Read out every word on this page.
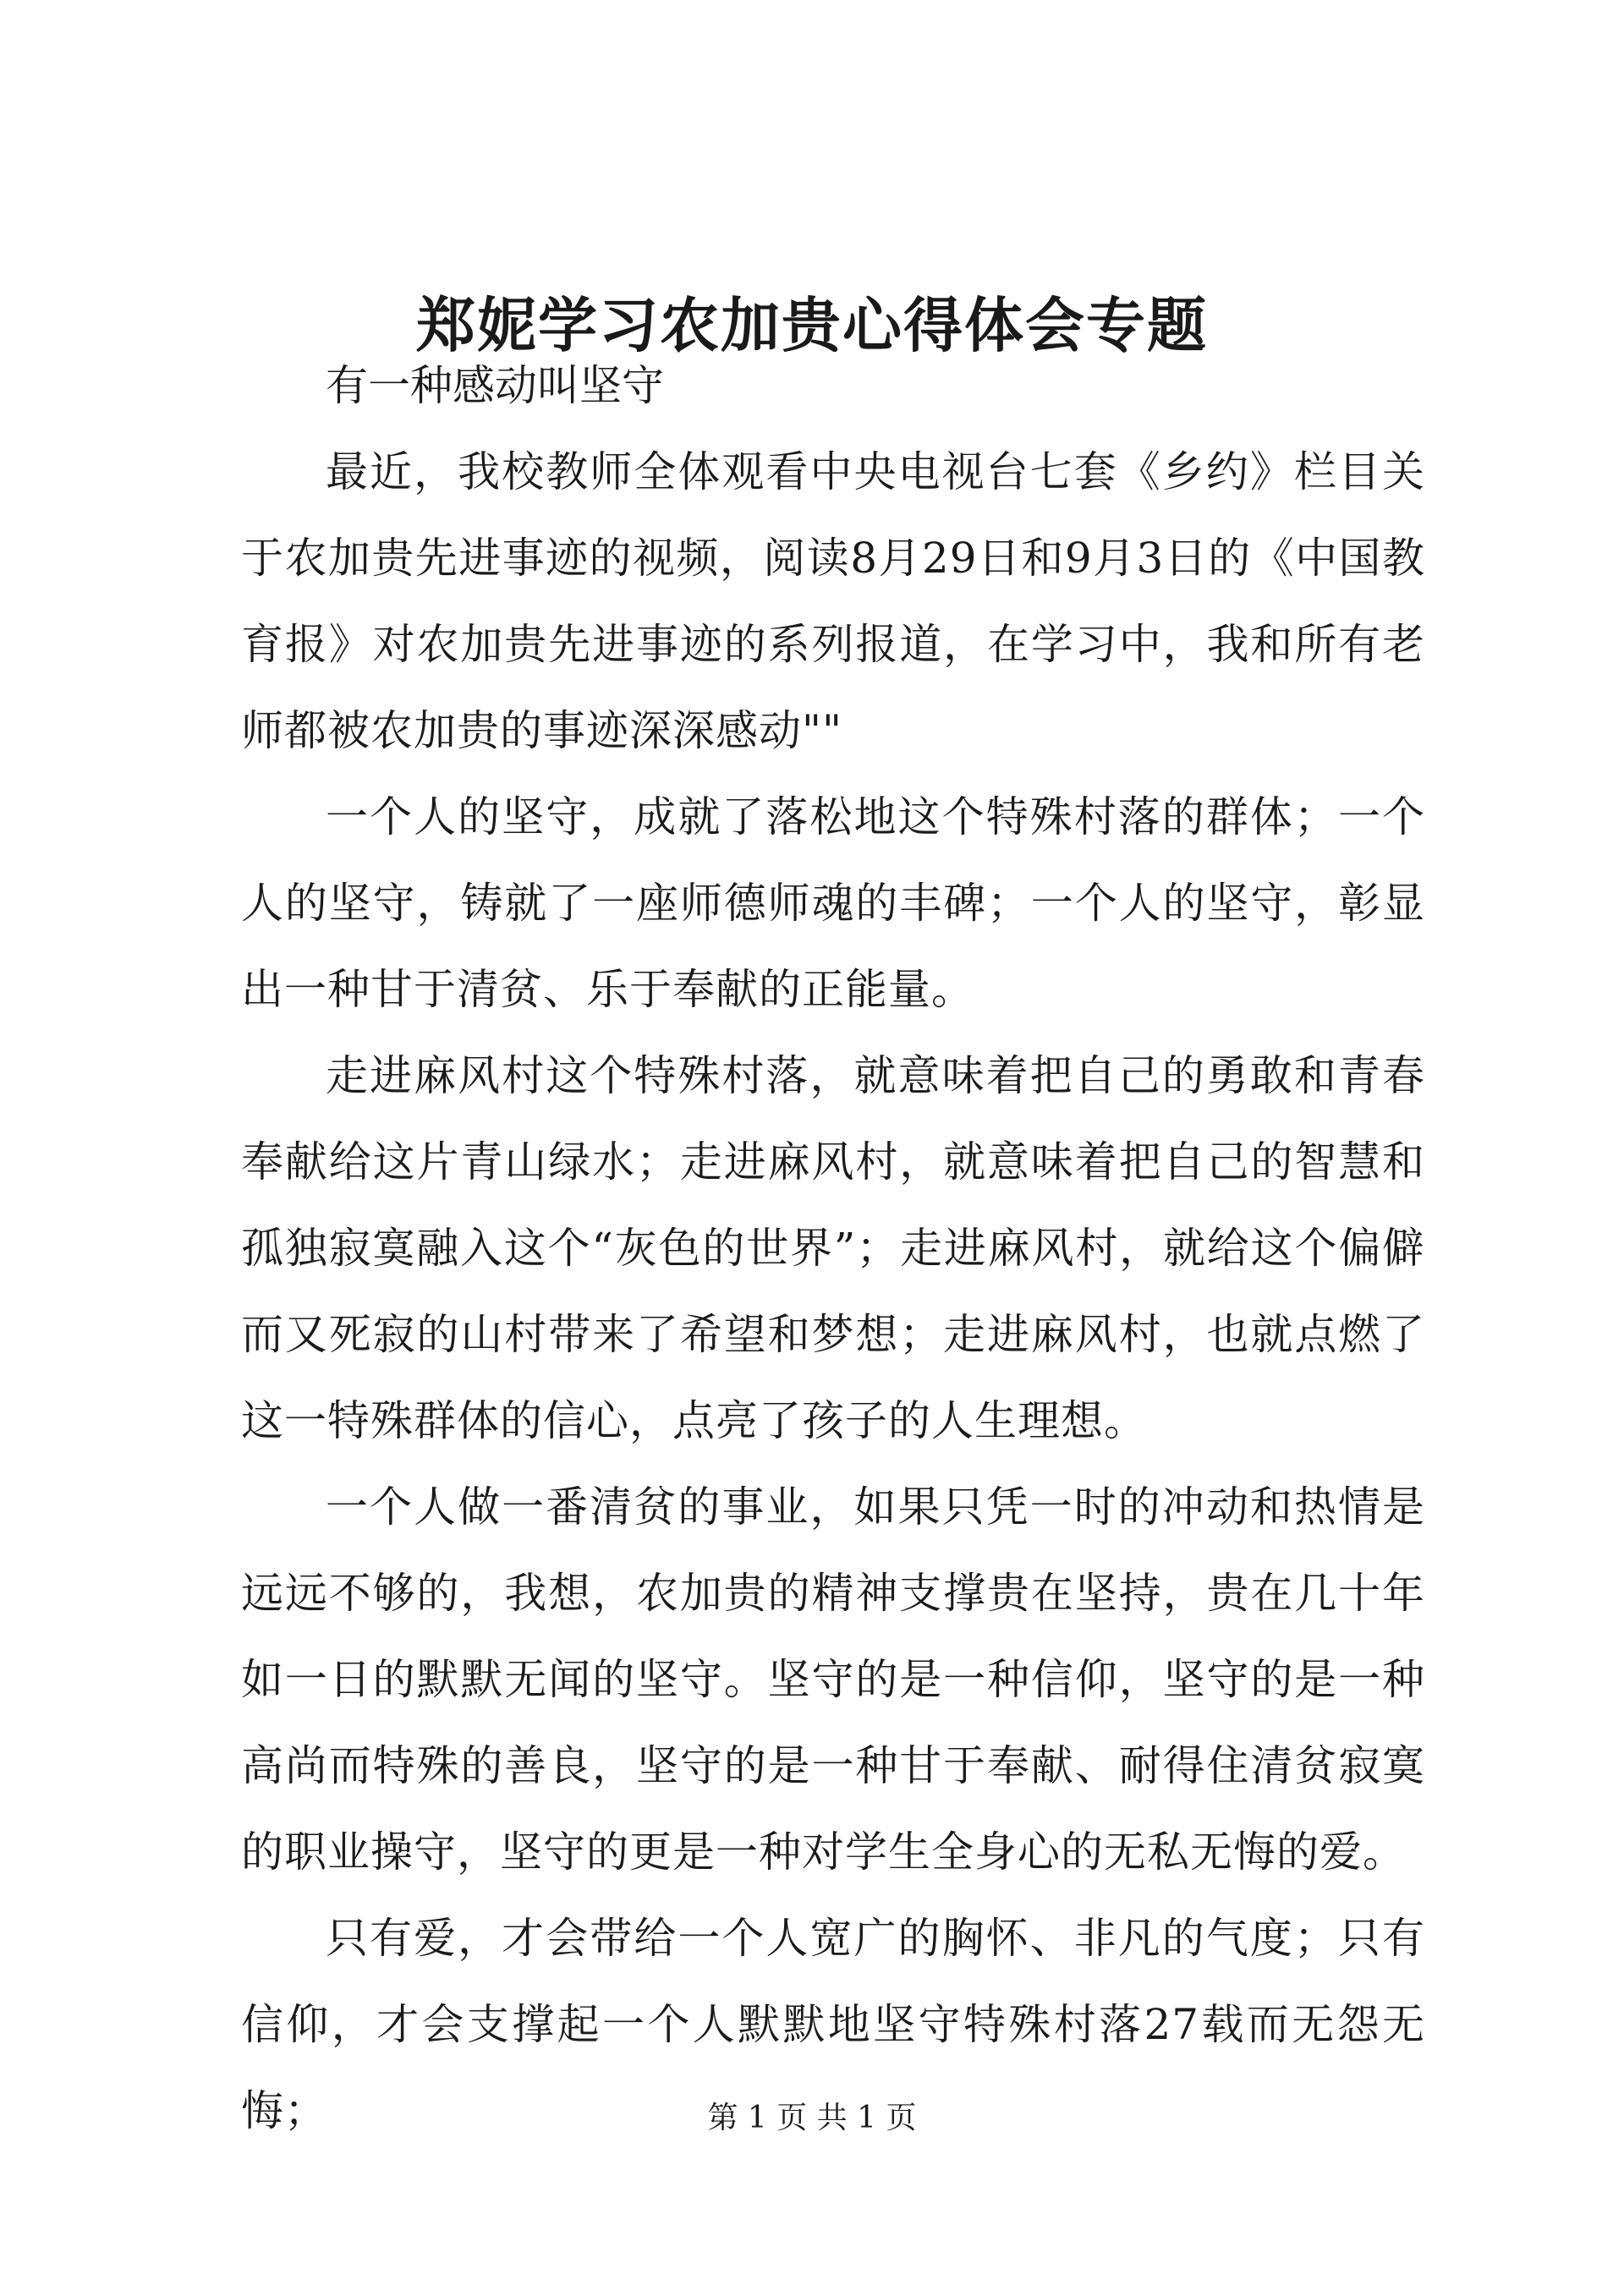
郑妮学习农加贵心得体会专题

有一种感动叫坚守

最近，我校教师全体观看中央电视台七套《乡约》栏目关于农加贵先进事迹的视频，阅读8月29日和9月3日的《中国教育报》对农加贵先进事迹的系列报道，在学习中，我和所有老师都被农加贵的事迹深深感动""

一个人的坚守，成就了落松地这个特殊村落的群体；一个人的坚守，铸就了一座师德师魂的丰碑；一个人的坚守，彰显出一种甘于清贫、乐于奉献的正能量。

走进麻风村这个特殊村落，就意味着把自己的勇敢和青春奉献给这片青山绿水；走进麻风村，就意味着把自己的智慧和孤独寂寞融入这个“灰色的世界”；走进麻风村，就给这个偏僻而又死寂的山村带来了希望和梦想；走进麻风村，也就点燃了这一特殊群体的信心，点亮了孩子的人生理想。

一个人做一番清贫的事业，如果只凭一时的冲动和热情是远远不够的，我想，农加贵的精神支撑贵在坚持，贵在几十年如一日的默默无闻的坚守。坚守的是一种信仰，坚守的是一种高尚而特殊的善良，坚守的是一种甘于奉献、耐得住清贫寂寞的职业操守，坚守的更是一种对学生全身心的无私无悔的爱。

只有爱，才会带给一个人宽广的胸怀、非凡的气度；只有信仰，才会支撑起一个人默默地坚守特殊村落27载而无怨无悔；	第 1 页 共 1 页
